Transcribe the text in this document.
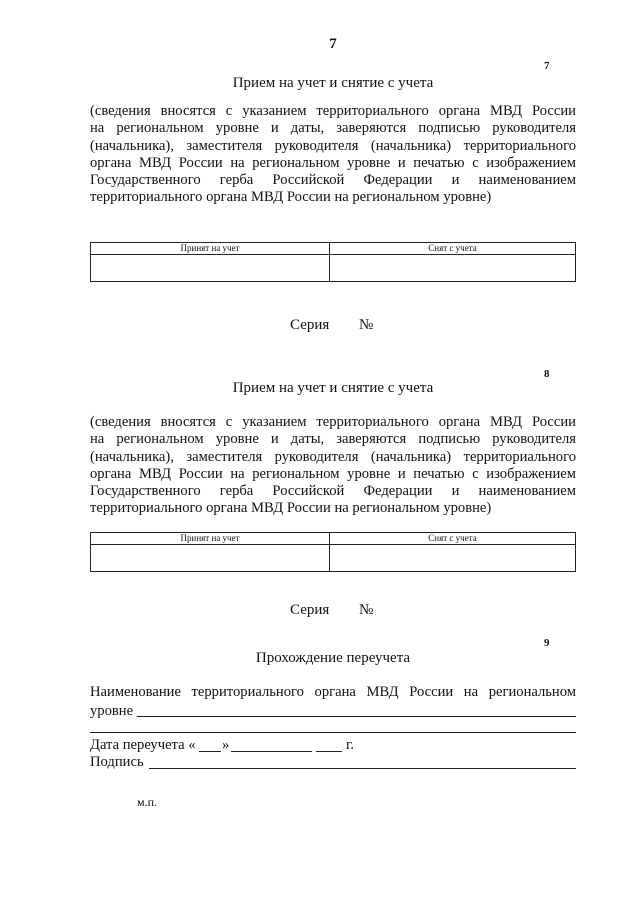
7
7
Прием на учет и снятие с учета
(сведения вносятся с указанием территориального органа МВД России
на региональном уровне и даты, заверяются подписью руководителя
(начальника), заместителя руководителя (начальника) территориального
органа МВД России на региональном уровне и печатью с изображением
Государственного герба Российской Федерации и наименованием
территориального органа МВД России на региональном уровне)
Принят на учет	Снят с учета

Серия №
8
Прием на учет и снятие с учета
(сведения вносятся с указанием территориального органа МВД России
на региональном уровне и даты, заверяются подписью руководителя
(начальника), заместителя руководителя (начальника) территориального
органа МВД России на региональном уровне и печатью с изображением
Государственного герба Российской Федерации и наименованием
территориального органа МВД России на региональном уровне)
Принят на учет	Снят с учета

Серия №
9
Прохождение переучета
Наименование территориального органа МВД России на региональном
уровне
Дата переучета « »	г.
Подпись
м.п.
